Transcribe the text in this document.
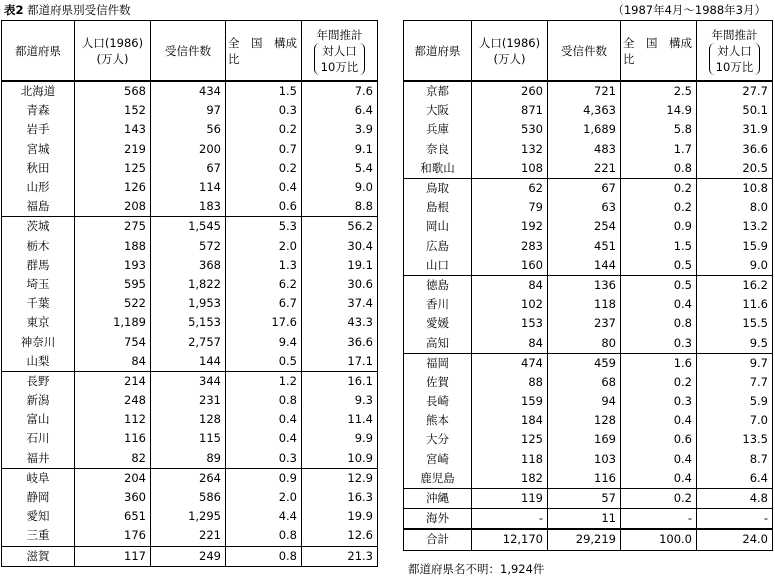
表2 都道府県別受信件数	（1987年4月～1988年3月）
都道府県	人口(1986)
(万人)	受信件数	全　国　構成
比	年間推計
対人口
10万比
北海道	568	434	1.5	7.6
青森	152	97	0.3	6.4
岩手	143	56	0.2	3.9
宮城	219	200	0.7	9.1
秋田	125	67	0.2	5.4
山形	126	114	0.4	9.0
福島	208	183	0.6	8.8
茨城	275	1,545	5.3	56.2
栃木	188	572	2.0	30.4
群馬	193	368	1.3	19.1
埼玉	595	1,822	6.2	30.6
千葉	522	1,953	6.7	37.4
東京	1,189	5,153	17.6	43.3
神奈川	754	2,757	9.4	36.6
山梨	84	144	0.5	17.1
長野	214	344	1.2	16.1
新潟	248	231	0.8	9.3
富山	112	128	0.4	11.4
石川	116	115	0.4	9.9
福井	82	89	0.3	10.9
岐阜	204	264	0.9	12.9
静岡	360	586	2.0	16.3
愛知	651	1,295	4.4	19.9
三重	176	221	0.8	12.6
滋賀	117	249	0.8	21.3
都道府県	人口(1986)
(万人)	受信件数	全　国　構成
比	年間推計
対人口
10万比
京都	260	721	2.5	27.7
大阪	871	4,363	14.9	50.1
兵庫	530	1,689	5.8	31.9
奈良	132	483	1.7	36.6
和歌山	108	221	0.8	20.5
鳥取	62	67	0.2	10.8
島根	79	63	0.2	8.0
岡山	192	254	0.9	13.2
広島	283	451	1.5	15.9
山口	160	144	0.5	9.0
徳島	84	136	0.5	16.2
香川	102	118	0.4	11.6
愛媛	153	237	0.8	15.5
高知	84	80	0.3	9.5
福岡	474	459	1.6	9.7
佐賀	88	68	0.2	7.7
長崎	159	94	0.3	5.9
熊本	184	128	0.4	7.0
大分	125	169	0.6	13.5
宮崎	118	103	0.4	8.7
鹿児島	182	116	0.4	6.4
沖縄	119	57	0.2	4.8
海外	-	11	-	-
合計	12,170	29,219	100.0	24.0
都道府県名不明：1,924件
